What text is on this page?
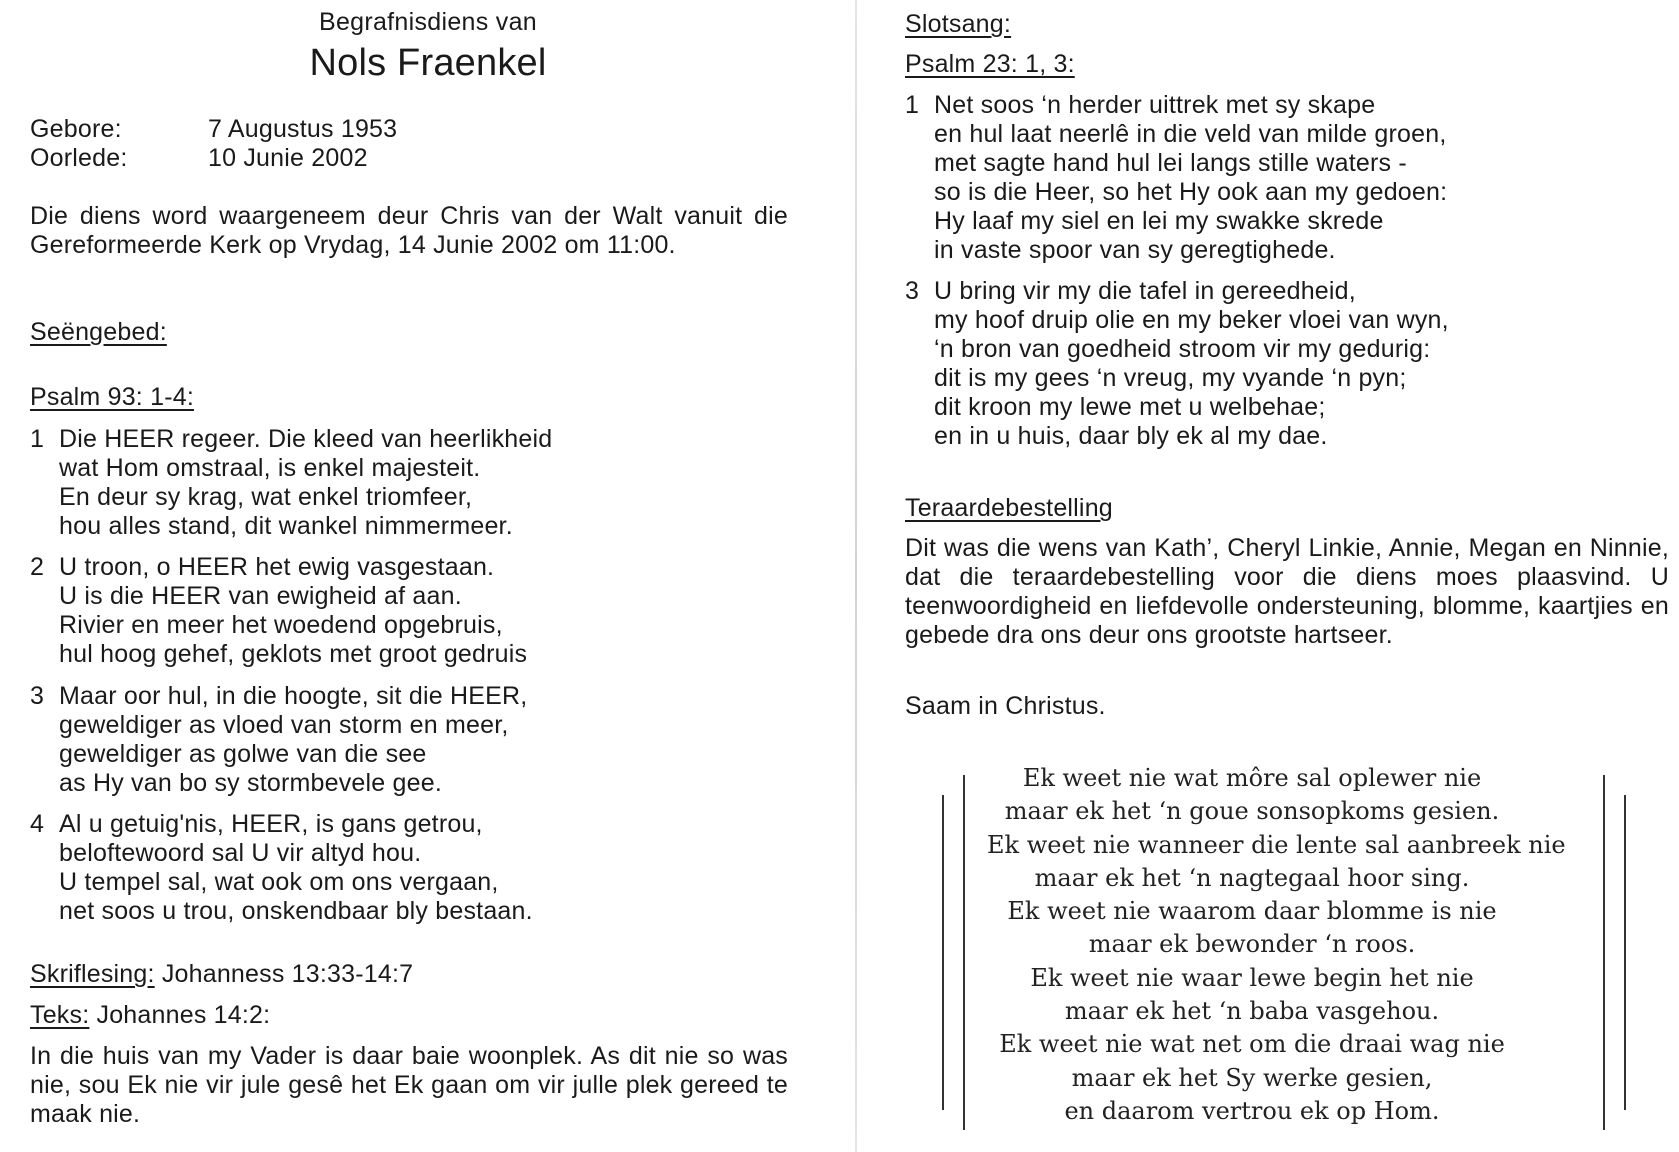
Begrafnisdiens van
Nols Fraenkel
Gebore:	7 Augustus 1953
Oorlede:	10 Junie 2002
Die diens word waargeneem deur Chris van der Walt vanuit die Gereformeerde Kerk op Vrydag, 14 Junie 2002 om 11:00.
Seëngebed:
Psalm 93: 1-4:
1 Die HEER regeer. Die kleed van heerlikheid
wat Hom omstraal, is enkel majesteit.
En deur sy krag, wat enkel triomfeer,
hou alles stand, dit wankel nimmermeer.
2 U troon, o HEER het ewig vasgestaan.
U is die HEER van ewigheid af aan.
Rivier en meer het woedend opgebruis,
hul hoog gehef, geklots met groot gedruis
3 Maar oor hul, in die hoogte, sit die HEER,
geweldiger as vloed van storm en meer,
geweldiger as golwe van die see
as Hy van bo sy stormbevele gee.
4 Al u getuig'nis, HEER, is gans getrou,
beloftewoord sal U vir altyd hou.
U tempel sal, wat ook om ons vergaan,
net soos u trou, onskendbaar bly bestaan.
Skriflesing: Johanness 13:33-14:7
Teks: Johannes 14:2:
In die huis van my Vader is daar baie woonplek. As dit nie so was nie, sou Ek nie vir jule gesê het Ek gaan om vir julle plek gereed te maak nie.
Slotsang:
Psalm 23: 1, 3:
1 Net soos ‘n herder uittrek met sy skape
en hul laat neerlê in die veld van milde groen,
met sagte hand hul lei langs stille waters -
so is die Heer, so het Hy ook aan my gedoen:
Hy laaf my siel en lei my swakke skrede
in vaste spoor van sy geregtighede.
3 U bring vir my die tafel in gereedheid,
my hoof druip olie en my beker vloei van wyn,
‘n bron van goedheid stroom vir my gedurig:
dit is my gees ‘n vreug, my vyande ‘n pyn;
dit kroon my lewe met u welbehae;
en in u huis, daar bly ek al my dae.
Teraardebestelling
Dit was die wens van Kath’, Cheryl Linkie, Annie, Megan en Ninnie, dat die teraardebestelling voor die diens moes plaasvind. U teenwoordigheid en liefdevolle ondersteuning, blomme, kaartjies en gebede dra ons deur ons grootste hartseer.
Saam in Christus.
Ek weet nie wat môre sal oplewer nie
maar ek het ‘n goue sonsopkoms gesien.
Ek weet nie wanneer die lente sal aanbreek nie
maar ek het ‘n nagtegaal hoor sing.
Ek weet nie waarom daar blomme is nie
maar ek bewonder ‘n roos.
Ek weet nie waar lewe begin het nie
maar ek het ‘n baba vasgehou.
Ek weet nie wat net om die draai wag nie
maar ek het Sy werke gesien,
en daarom vertrou ek op Hom.
